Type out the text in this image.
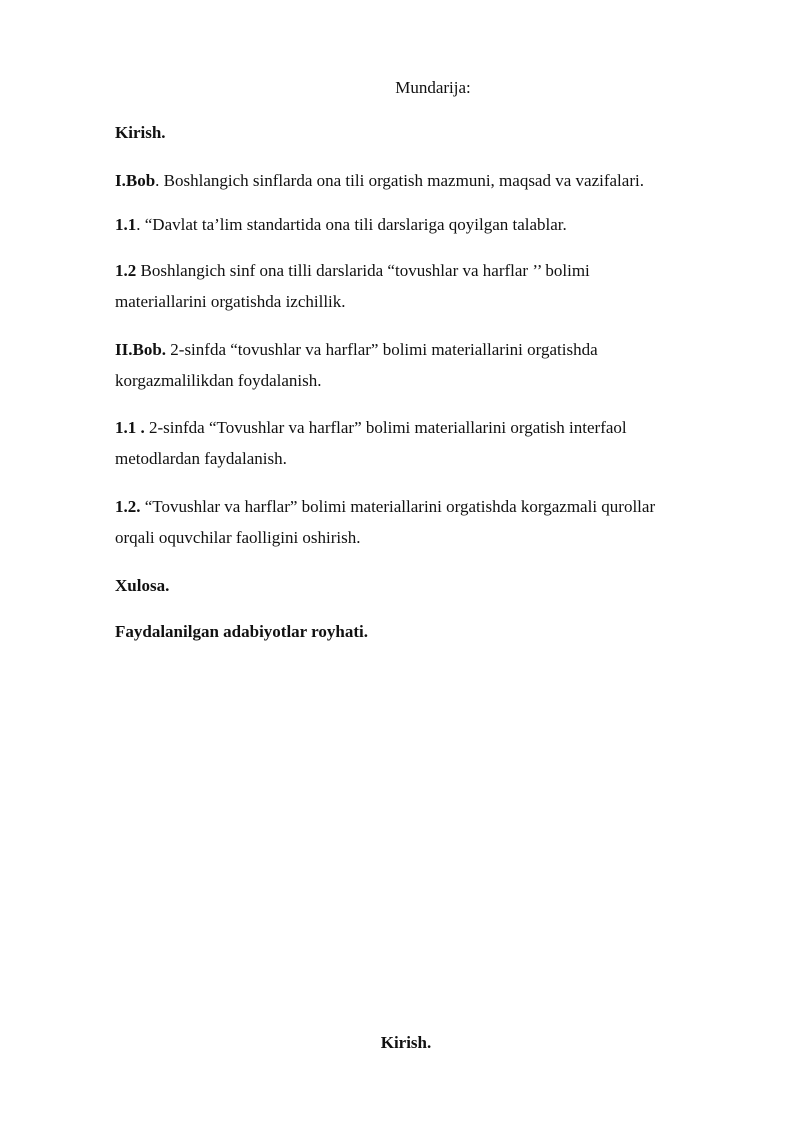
Mundarija:
Kirish.
I.Bob. Boshlangich sinflarda ona tili orgatish mazmuni, maqsad va vazifalari.
1.1. “Davlat ta’lim standartida ona tili darslariga qoyilgan talablar.
1.2 Boshlangich sinf ona tilli darslarida “tovushlar va harflar ’’ bolimi
materiallarini orgatishda izchillik.
II.Bob. 2-sinfda “tovushlar va harflar” bolimi materiallarini orgatishda
korgazmalilikdan foydalanish.
1.1 . 2-sinfda “Tovushlar va harflar” bolimi materiallarini orgatish interfaol
metodlardan faydalanish.
1.2. “Tovushlar va harflar” bolimi materiallarini orgatishda korgazmali qurollar
orqali oquvchilar faolligini oshirish.
Xulosa.
Faydalanilgan adabiyotlar royhati.
Kirish.
